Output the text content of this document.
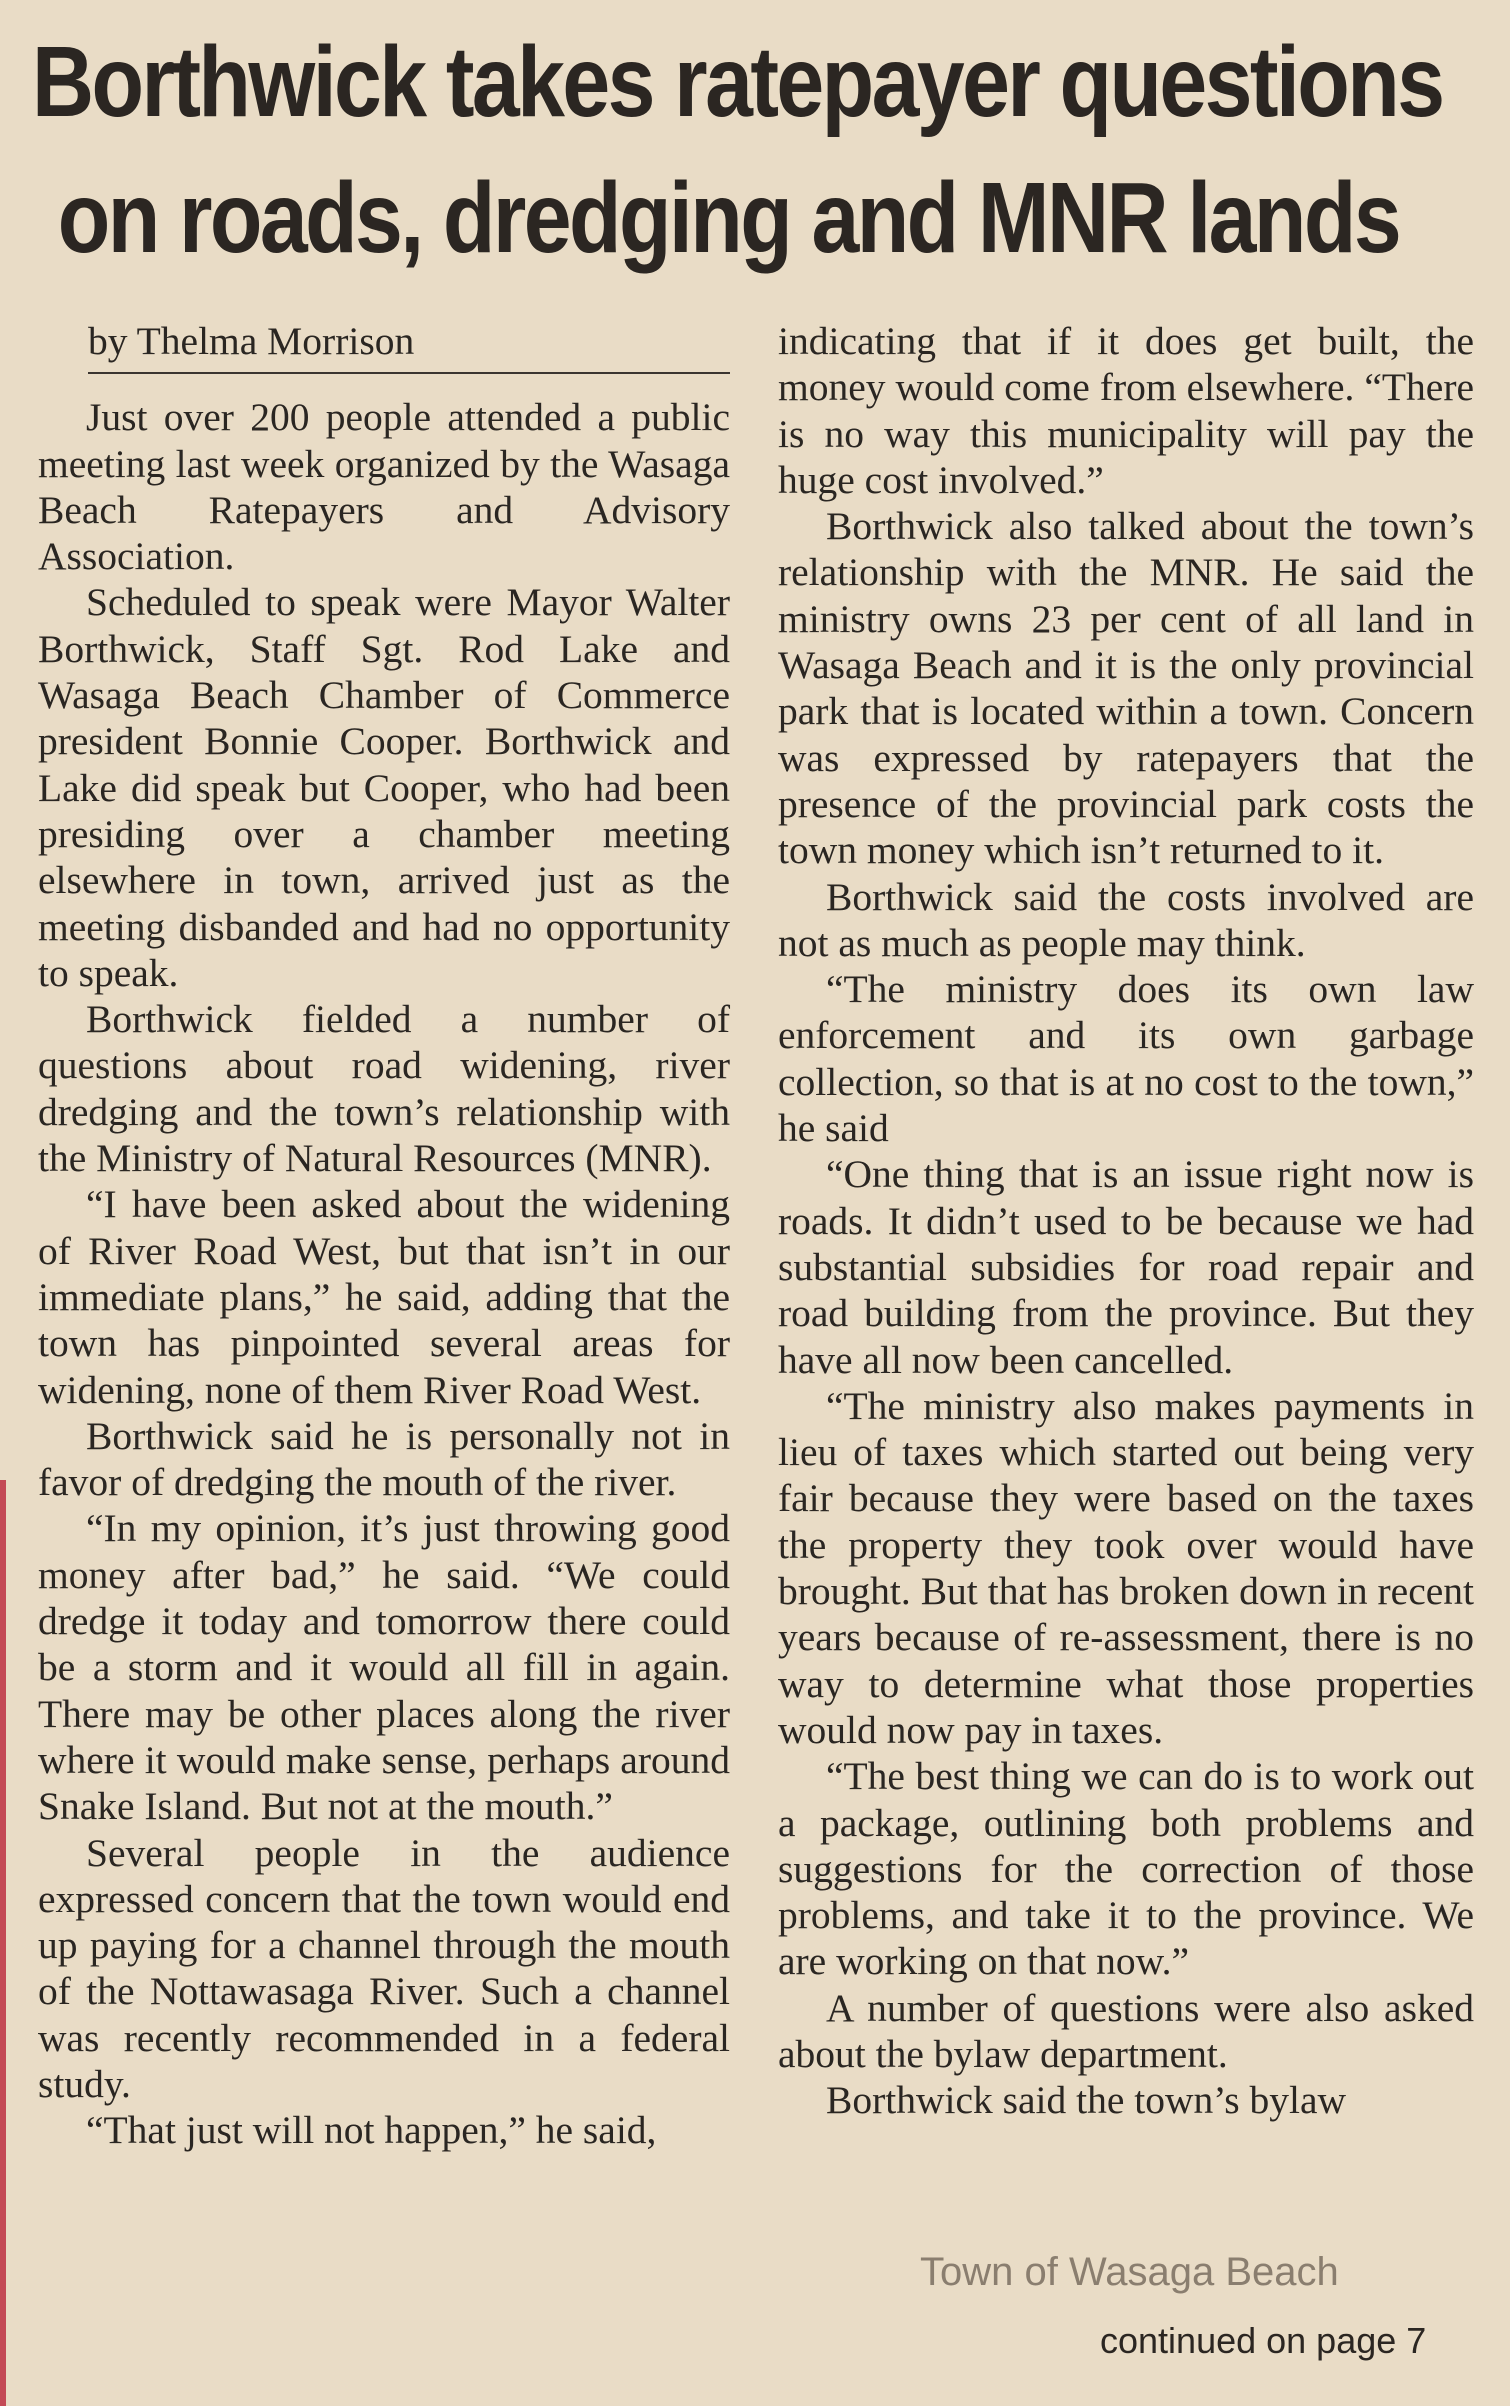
Borthwick takes ratepayer questions
on roads, dredging and MNR lands
by Thelma Morrison

Just over 200 people attended a public meeting last week organized by the Wasaga Beach Ratepayers and Advisory Association.

Scheduled to speak were Mayor Walter Borthwick, Staff Sgt. Rod Lake and Wasaga Beach Chamber of Commerce president Bonnie Cooper. Borthwick and Lake did speak but Cooper, who had been presiding over a chamber meeting elsewhere in town, arrived just as the meeting disbanded and had no opportunity to speak.

Borthwick fielded a number of questions about road widening, river dredging and the town’s relationship with the Ministry of Natural Resources (MNR).

“I have been asked about the widening of River Road West, but that isn’t in our immediate plans,” he said, adding that the town has pinpointed several areas for widening, none of them River Road West.

Borthwick said he is personally not in favor of dredging the mouth of the river.

“In my opinion, it’s just throwing good money after bad,” he said. “We could dredge it today and tomorrow there could be a storm and it would all fill in again. There may be other places along the river where it would make sense, perhaps around Snake Island. But not at the mouth.”

Several people in the audience expressed concern that the town would end up paying for a channel through the mouth of the Nottawasaga River. Such a channel was recently recommended in a federal study.

“That just will not happen,” he said,

indicating that if it does get built, the money would come from elsewhere. “There is no way this municipality will pay the huge cost involved.”

Borthwick also talked about the town’s relationship with the MNR. He said the ministry owns 23 per cent of all land in Wasaga Beach and it is the only provincial park that is located within a town. Concern was expressed by ratepayers that the presence of the provincial park costs the town money which isn’t returned to it.

Borthwick said the costs involved are not as much as people may think.

“The ministry does its own law enforcement and its own garbage collection, so that is at no cost to the town,” he said

“One thing that is an issue right now is roads. It didn’t used to be because we had substantial subsidies for road repair and road building from the province. But they have all now been cancelled.

“The ministry also makes payments in lieu of taxes which started out being very fair because they were based on the taxes the property they took over would have brought. But that has broken down in recent years because of re-assessment, there is no way to determine what those properties would now pay in taxes.

“The best thing we can do is to work out a package, outlining both problems and suggestions for the correction of those problems, and take it to the province. We are working on that now.”

A number of questions were also asked about the bylaw department.

Borthwick said the town’s bylaw

Town of Wasaga Beach
continued on page 7
